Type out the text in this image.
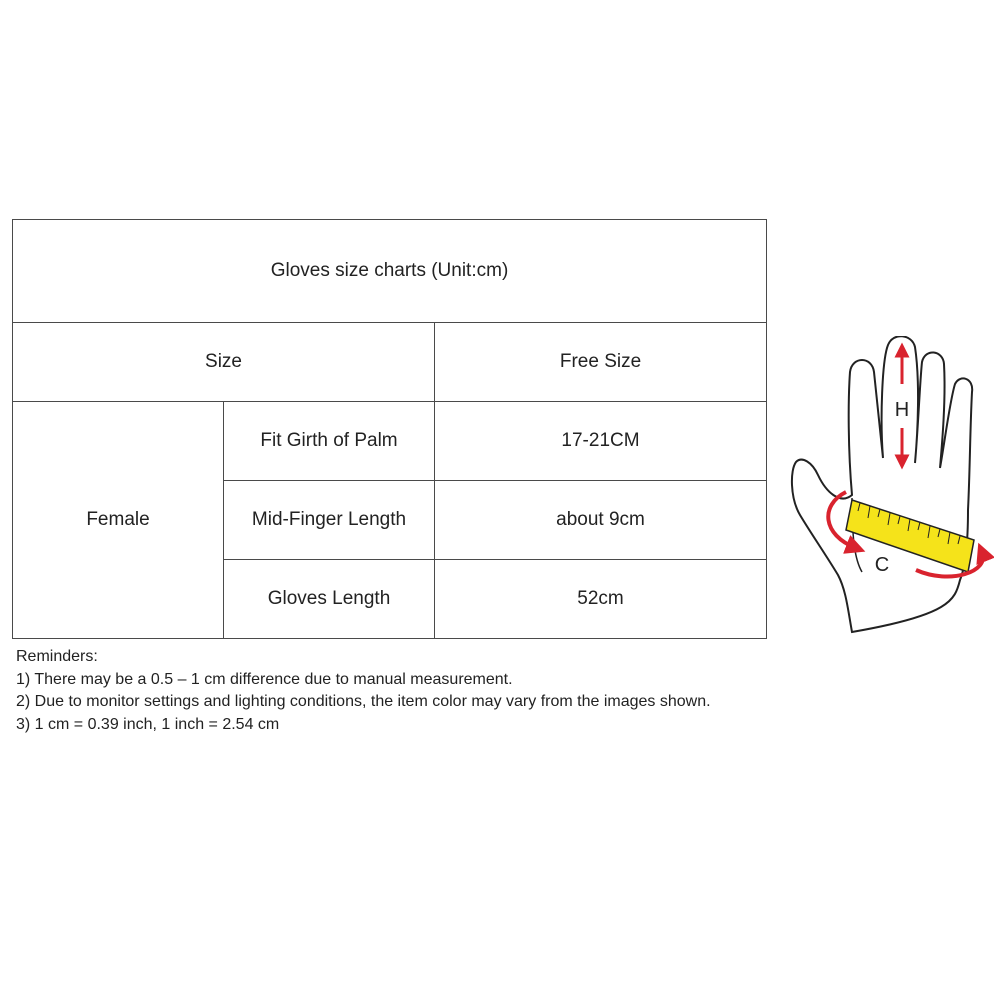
Gloves size charts (Unit:cm)		
Size		Free Size
Female	Fit Girth of Palm	17-21CM
	Mid-Finger Length	about 9cm
	Gloves Length	52cm
Reminders:
1) There may be a 0.5 – 1 cm difference due to manual measurement.
2) Due to monitor settings and lighting conditions, the item color may vary from the images shown.
3) 1 cm = 0.39 inch, 1 inch = 2.54 cm
H
C
